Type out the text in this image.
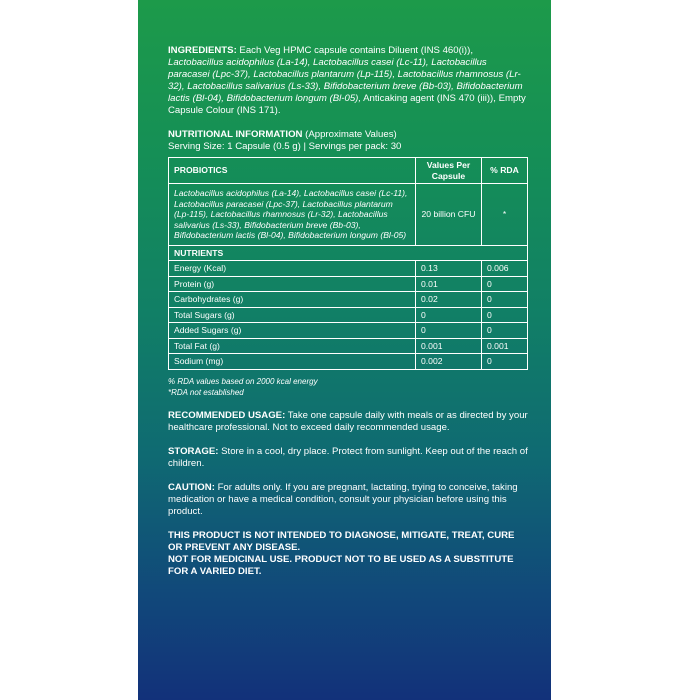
INGREDIENTS: Each Veg HPMC capsule contains Diluent (INS 460(i)), Lactobacillus acidophilus (La-14), Lactobacillus casei (Lc-11), Lactobacillus paracasei (Lpc-37), Lactobacillus plantarum (Lp-115), Lactobacillus rhamnosus (Lr-32), Lactobacillus salivarius (Ls-33), Bifidobacterium breve (Bb-03), Bifidobacterium lactis (Bl-04), Bifidobacterium longum (Bl-05), Anticaking agent (INS 470 (iii)), Empty Capsule Colour (INS 171).

NUTRITIONAL INFORMATION (Approximate Values)
Serving Size: 1 Capsule (0.5 g) | Servings per pack: 30

PROBIOTICS	Values Per Capsule	% RDA
Lactobacillus acidophilus (La-14), Lactobacillus casei (Lc-11), Lactobacillus paracasei (Lpc-37), Lactobacillus plantarum (Lp-115), Lactobacillus rhamnosus (Lr-32), Lactobacillus salivarius (Ls-33), Bifidobacterium breve (Bb-03), Bifidobacterium lactis (Bl-04), Bifidobacterium longum (Bl-05)	20 billion CFU	*
NUTRIENTS		
Energy (Kcal)	0.13	0.006
Protein (g)	0.01	0
Carbohydrates (g)	0.02	0
Total Sugars (g)	0	0
Added Sugars (g)	0	0
Total Fat (g)	0.001	0.001
Sodium (mg)	0.002	0
% RDA values based on 2000 kcal energy
*RDA not established

RECOMMENDED USAGE: Take one capsule daily with meals or as directed by your healthcare professional. Not to exceed daily recommended usage.

STORAGE: Store in a cool, dry place. Protect from sunlight. Keep out of the reach of children.

CAUTION: For adults only. If you are pregnant, lactating, trying to conceive, taking medication or have a medical condition, consult your physician before using this product.

THIS PRODUCT IS NOT INTENDED TO DIAGNOSE, MITIGATE, TREAT, CURE OR PREVENT ANY DISEASE.
NOT FOR MEDICINAL USE. PRODUCT NOT TO BE USED AS A SUBSTITUTE FOR A VARIED DIET.
